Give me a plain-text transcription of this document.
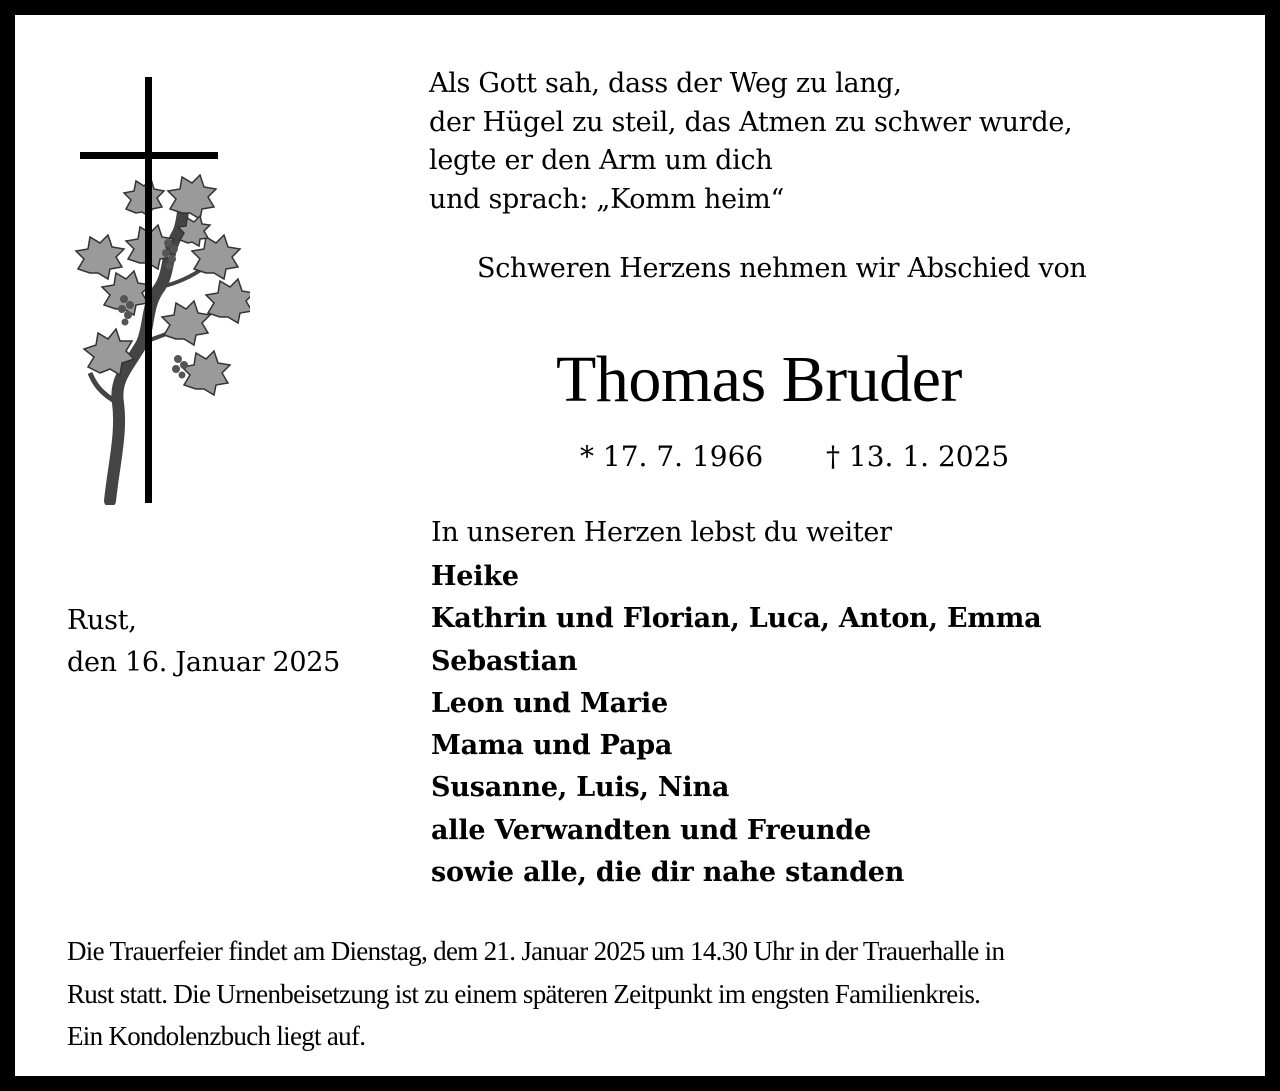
Als Gott sah, dass der Weg zu lang,
der Hügel zu steil, das Atmen zu schwer wurde,
legte er den Arm um dich
und sprach: „Komm heim“
Schweren Herzens nehmen wir Abschied von
Thomas Bruder
* 17. 7. 1966 † 13. 1. 2025
In unseren Herzen lebst du weiter
Heike
Kathrin und Florian, Luca, Anton, Emma
Sebastian
Leon und Marie
Mama und Papa
Susanne, Luis, Nina
alle Verwandten und Freunde
sowie alle, die dir nahe standen
Rust,
den 16. Januar 2025
Die Trauerfeier findet am Dienstag, dem 21. Januar 2025 um 14.30 Uhr in der Trauerhalle in
Rust statt. Die Urnenbeisetzung ist zu einem späteren Zeitpunkt im engsten Familienkreis.
Ein Kondolenzbuch liegt auf.
